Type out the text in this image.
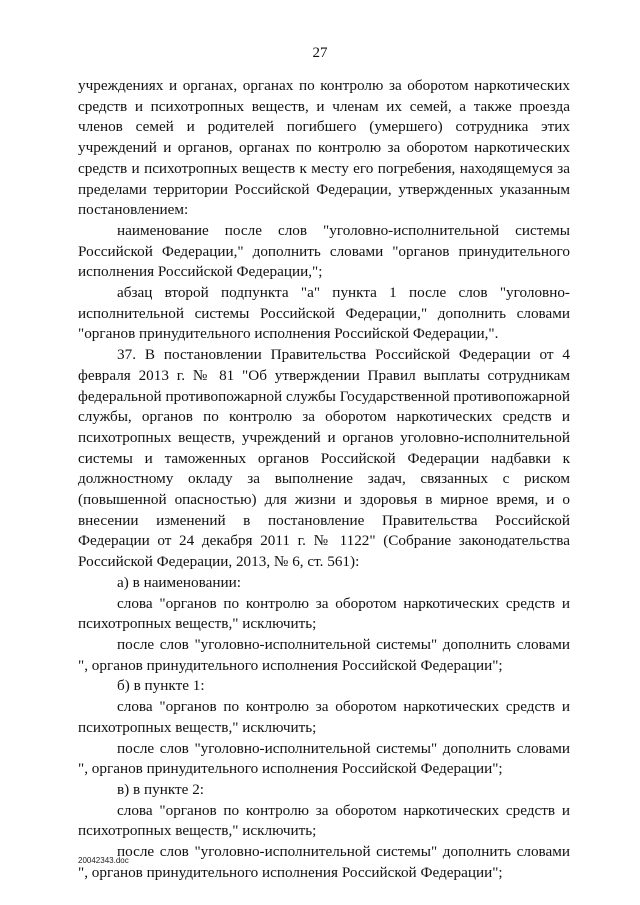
27

учреждениях и органах, органах по контролю за оборотом наркотических средств и психотропных веществ, и членам их семей, а также проезда членов семей и родителей погибшего (умершего) сотрудника этих учреждений и органов, органах по контролю за оборотом наркотических средств и психотропных веществ к месту его погребения, находящемуся за пределами территории Российской Федерации, утвержденных указанным постановлением:

наименование после слов "уголовно-исполнительной системы Российской Федерации," дополнить словами "органов принудительного исполнения Российской Федерации,";

абзац второй подпункта "а" пункта 1 после слов "уголовно-исполнительной системы Российской Федерации," дополнить словами "органов принудительного исполнения Российской Федерации,".

37. В постановлении Правительства Российской Федерации от 4 февраля 2013 г. № 81 "Об утверждении Правил выплаты сотрудникам федеральной противопожарной службы Государственной противопожарной службы, органов по контролю за оборотом наркотических средств и психотропных веществ, учреждений и органов уголовно-исполнительной системы и таможенных органов Российской Федерации надбавки к должностному окладу за выполнение задач, связанных с риском (повышенной опасностью) для жизни и здоровья в мирное время, и о внесении изменений в постановление Правительства Российской Федерации от 24 декабря 2011 г. № 1122" (Собрание законодательства Российской Федерации, 2013, № 6, ст. 561):

а) в наименовании:

слова "органов по контролю за оборотом наркотических средств и психотропных веществ," исключить;

после слов "уголовно-исполнительной системы" дополнить словами ", органов принудительного исполнения Российской Федерации";

б) в пункте 1:

слова "органов по контролю за оборотом наркотических средств и психотропных веществ," исключить;

после слов "уголовно-исполнительной системы" дополнить словами ", органов принудительного исполнения Российской Федерации";

в) в пункте 2:

слова "органов по контролю за оборотом наркотических средств и психотропных веществ," исключить;

после слов "уголовно-исполнительной системы" дополнить словами ", органов принудительного исполнения Российской Федерации";

20042343.doc
